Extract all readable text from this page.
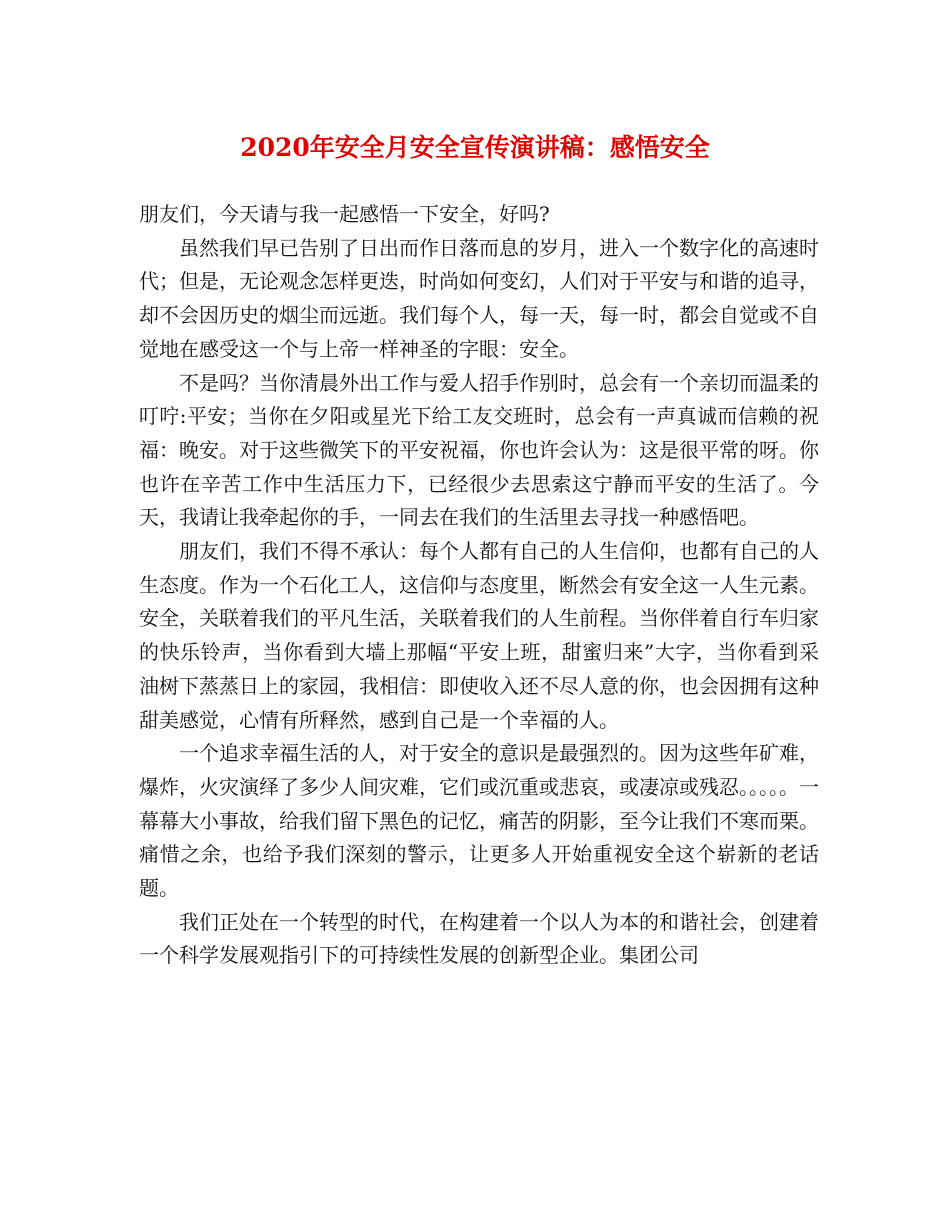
2020年安全月安全宣传演讲稿：感悟安全

朋友们，今天请与我一起感悟一下安全，好吗?

虽然我们早已告别了日出而作日落而息的岁月，进入一个数字化的高速时代；但是，无论观念怎样更迭，时尚如何变幻，人们对于平安与和谐的追寻，却不会因历史的烟尘而远逝。我们每个人，每一天，每一时，都会自觉或不自觉地在感受这一个与上帝一样神圣的字眼：安全。

不是吗？当你清晨外出工作与爱人招手作别时，总会有一个亲切而温柔的叮咛:平安；当你在夕阳或星光下给工友交班时，总会有一声真诚而信赖的祝福：晚安。对于这些微笑下的平安祝福，你也许会认为：这是很平常的呀。你也许在辛苦工作中生活压力下，已经很少去思索这宁静而平安的生活了。今天，我请让我牵起你的手，一同去在我们的生活里去寻找一种感悟吧。

朋友们，我们不得不承认：每个人都有自己的人生信仰，也都有自己的人生态度。作为一个石化工人，这信仰与态度里，断然会有安全这一人生元素。安全，关联着我们的平凡生活，关联着我们的人生前程。当你伴着自行车归家的快乐铃声，当你看到大墙上那幅“平安上班，甜蜜归来”大字，当你看到采油树下蒸蒸日上的家园，我相信：即使收入还不尽人意的你，也会因拥有这种甜美感觉，心情有所释然，感到自己是一个幸福的人。

一个追求幸福生活的人，对于安全的意识是最强烈的。因为这些年矿难，爆炸，火灾演绎了多少人间灾难，它们或沉重或悲哀，或凄凉或残忍。。。。。一幕幕大小事故，给我们留下黑色的记忆，痛苦的阴影，至今让我们不寒而栗。痛惜之余，也给予我们深刻的警示，让更多人开始重视安全这个崭新的老话题。

我们正处在一个转型的时代，在构建着一个以人为本的和谐社会，创建着一个科学发展观指引下的可持续性发展的创新型企业。集团公司
